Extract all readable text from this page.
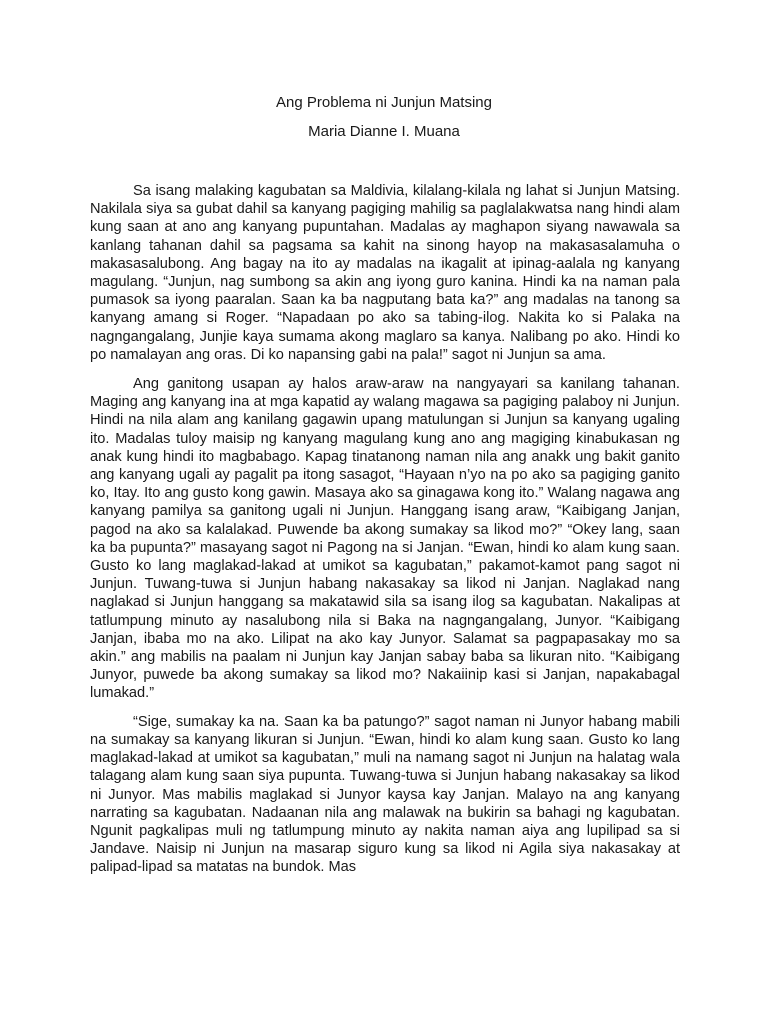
Ang Problema ni Junjun Matsing
Maria Dianne I. Muana

Sa isang malaking kagubatan sa Maldivia, kilalang-kilala ng lahat si Junjun Matsing. Nakilala siya sa gubat dahil sa kanyang pagiging mahilig sa paglalakwatsa nang hindi alam kung saan at ano ang kanyang pupuntahan. Madalas ay maghapon siyang nawawala sa kanlang tahanan dahil sa pagsama sa kahit na sinong hayop na makasasalamuha o makasasalubong. Ang bagay na ito ay madalas na ikagalit at ipinag-aalala ng kanyang magulang. “Junjun, nag sumbong sa akin ang iyong guro kanina. Hindi ka na naman pala pumasok sa iyong paaralan. Saan ka ba nagputang bata ka?” ang madalas na tanong sa kanyang amang si Roger. “Napadaan po ako sa tabing-ilog. Nakita ko si Palaka na nagngangalang, Junjie kaya sumama akong maglaro sa kanya. Nalibang po ako. Hindi ko po namalayan ang oras. Di ko napansing gabi na pala!” sagot ni Junjun sa ama.

Ang ganitong usapan ay halos araw-araw na nangyayari sa kanilang tahanan. Maging ang kanyang ina at mga kapatid ay walang magawa sa pagiging palaboy ni Junjun. Hindi na nila alam ang kanilang gagawin upang matulungan si Junjun sa kanyang ugaling ito. Madalas tuloy maisip ng kanyang magulang kung ano ang magiging kinabukasan ng anak kung hindi ito magbabago. Kapag tinatanong naman nila ang anakk ung bakit ganito ang kanyang ugali ay pagalit pa itong sasagot, “Hayaan n’yo na po ako sa pagiging ganito ko, Itay. Ito ang gusto kong gawin. Masaya ako sa ginagawa kong ito.” Walang nagawa ang kanyang pamilya sa ganitong ugali ni Junjun. Hanggang isang araw, “Kaibigang Janjan, pagod na ako sa kalalakad. Puwende ba akong sumakay sa likod mo?” “Okey lang, saan ka ba pupunta?” masayang sagot ni Pagong na si Janjan. “Ewan, hindi ko alam kung saan. Gusto ko lang maglakad-lakad at umikot sa kagubatan,” pakamot-kamot pang sagot ni Junjun. Tuwang-tuwa si Junjun habang nakasakay sa likod ni Janjan. Naglakad nang naglakad si Junjun hanggang sa makatawid sila sa isang ilog sa kagubatan. Nakalipas at tatlumpung minuto ay nasalubong nila si Baka na nagngangalang, Junyor. “Kaibigang Janjan, ibaba mo na ako. Lilipat na ako kay Junyor. Salamat sa pagpapasakay mo sa akin.” ang mabilis na paalam ni Junjun kay Janjan sabay baba sa likuran nito. “Kaibigang Junyor, puwede ba akong sumakay sa likod mo? Nakaiinip kasi si Janjan, napakabagal lumakad.”

“Sige, sumakay ka na. Saan ka ba patungo?” sagot naman ni Junyor habang mabili na sumakay sa kanyang likuran si Junjun. “Ewan, hindi ko alam kung saan. Gusto ko lang maglakad-lakad at umikot sa kagubatan,” muli na namang sagot ni Junjun na halatag wala talagang alam kung saan siya pupunta. Tuwang-tuwa si Junjun habang nakasakay sa likod ni Junyor. Mas mabilis maglakad si Junyor kaysa kay Janjan. Malayo na ang kanyang narrating sa kagubatan. Nadaanan nila ang malawak na bukirin sa bahagi ng kagubatan. Ngunit pagkalipas muli ng tatlumpung minuto ay nakita naman aiya ang lupilipad sa si Jandave. Naisip ni Junjun na masarap siguro kung sa likod ni Agila siya nakasakay at palipad-lipad sa matatas na bundok. Mas
